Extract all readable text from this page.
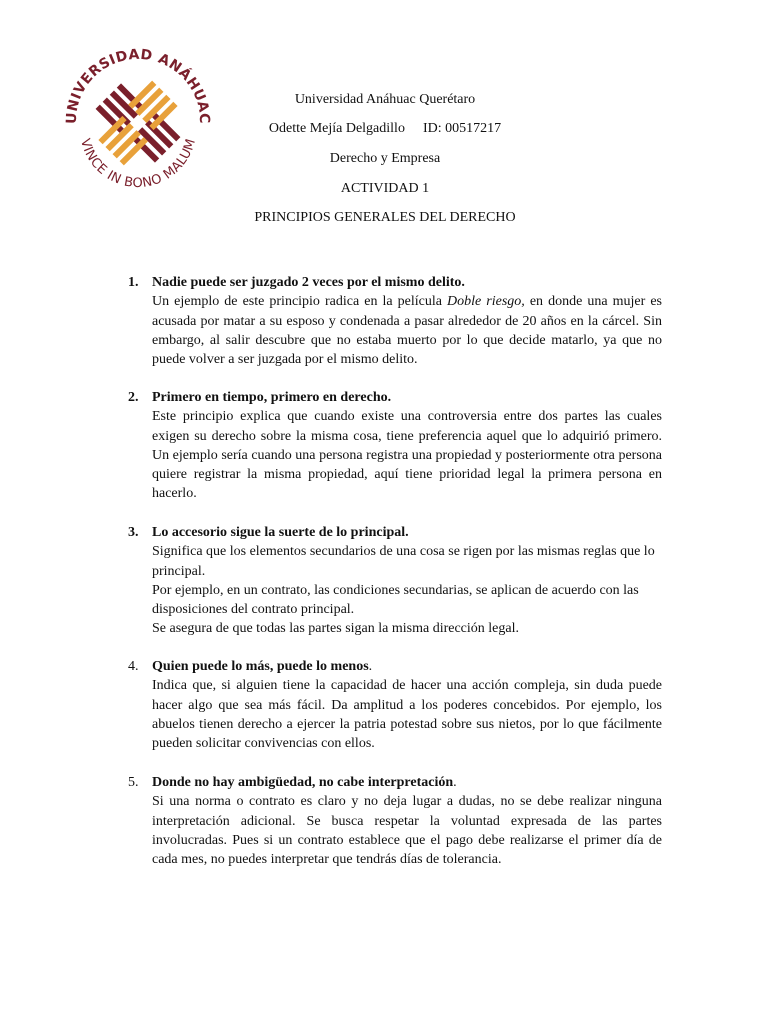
UNIVERSIDAD ANÁHUAC
VINCE IN BONO MALUM
Universidad Anáhuac Querétaro
Odette Mejía Delgadillo ID: 00517217
Derecho y Empresa
ACTIVIDAD 1
PRINCIPIOS GENERALES DEL DERECHO
1. Nadie puede ser juzgado 2 veces por el mismo delito.

Un ejemplo de este principio radica en la película Doble riesgo, en donde una mujer es acusada por matar a su esposo y condenada a pasar alrededor de 20 años en la cárcel. Sin embargo, al salir descubre que no estaba muerto por lo que decide matarlo, ya que no puede volver a ser juzgada por el mismo delito.

2. Primero en tiempo, primero en derecho.

Este principio explica que cuando existe una controversia entre dos partes las cuales exigen su derecho sobre la misma cosa, tiene preferencia aquel que lo adquirió primero. Un ejemplo sería cuando una persona registra una propiedad y posteriormente otra persona quiere registrar la misma propiedad, aquí tiene prioridad legal la primera persona en hacerlo.

3. Lo accesorio sigue la suerte de lo principal.

Significa que los elementos secundarios de una cosa se rigen por las mismas reglas que lo principal.

Por ejemplo, en un contrato, las condiciones secundarias, se aplican de acuerdo con las disposiciones del contrato principal.

Se asegura de que todas las partes sigan la misma dirección legal.

4. Quien puede lo más, puede lo menos.

Indica que, si alguien tiene la capacidad de hacer una acción compleja, sin duda puede hacer algo que sea más fácil. Da amplitud a los poderes concebidos. Por ejemplo, los abuelos tienen derecho a ejercer la patria potestad sobre sus nietos, por lo que fácilmente pueden solicitar convivencias con ellos.

5. Donde no hay ambigüedad, no cabe interpretación.

Si una norma o contrato es claro y no deja lugar a dudas, no se debe realizar ninguna interpretación adicional. Se busca respetar la voluntad expresada de las partes involucradas. Pues si un contrato establece que el pago debe realizarse el primer día de cada mes, no puedes interpretar que tendrás días de tolerancia.
